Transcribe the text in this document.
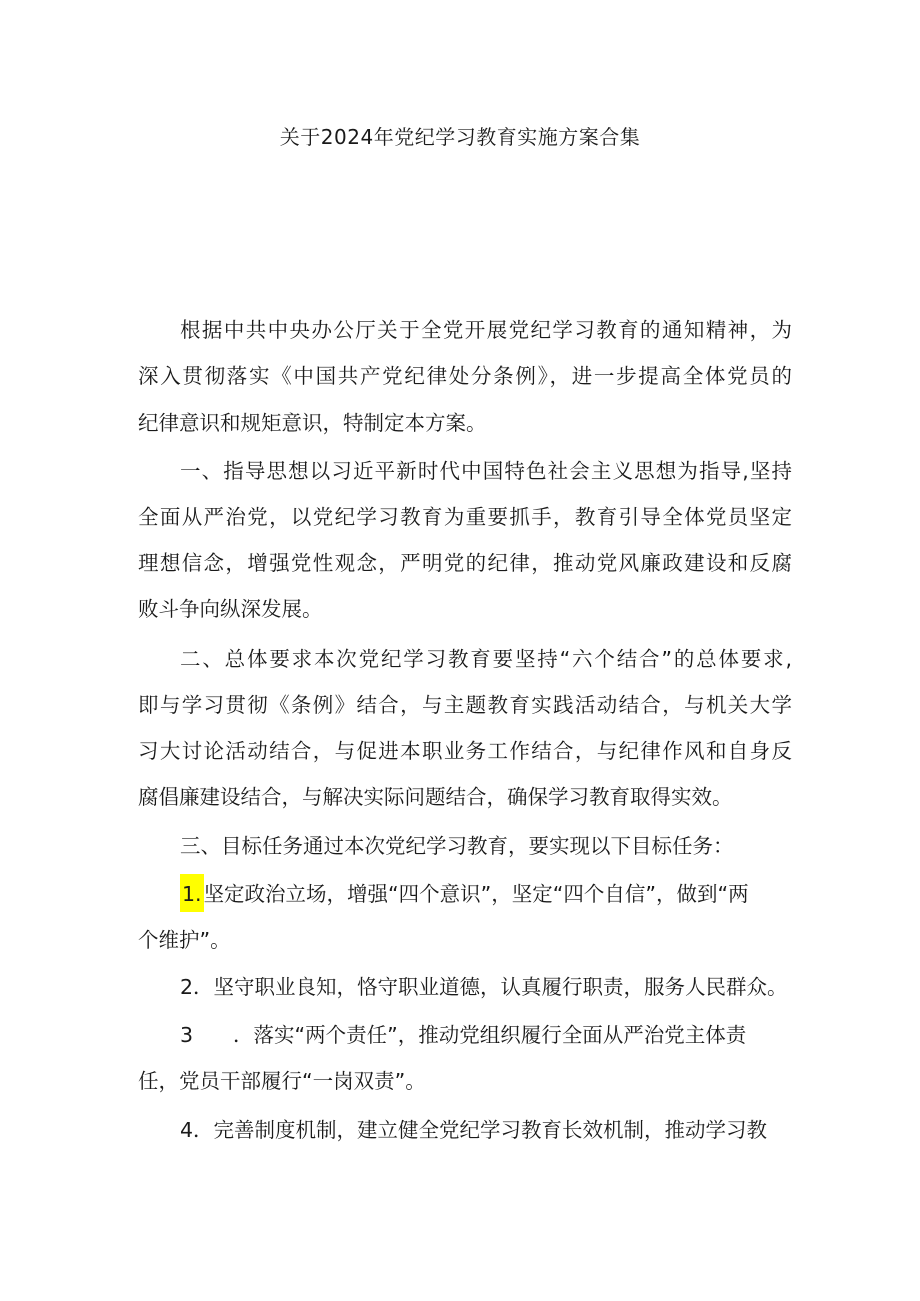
关于2024年党纪学习教育实施方案合集
根据中共中央办公厅关于全党开展党纪学习教育的通知精神，为
深入贯彻落实《中国共产党纪律处分条例》，进一步提高全体党员的
纪律意识和规矩意识，特制定本方案。
一、指导思想以习近平新时代中国特色社会主义思想为指导,坚持
全面从严治党，以党纪学习教育为重要抓手，教育引导全体党员坚定
理想信念，增强党性观念，严明党的纪律，推动党风廉政建设和反腐
败斗争向纵深发展。
二、总体要求本次党纪学习教育要坚持“六个结合”的总体要求,
即与学习贯彻《条例》结合，与主题教育实践活动结合，与机关大学
习大讨论活动结合，与促进本职业务工作结合，与纪律作风和自身反
腐倡廉建设结合，与解决实际问题结合，确保学习教育取得实效。
三、目标任务通过本次党纪学习教育，要实现以下目标任务：
1.坚定政治立场，增强“四个意识”，坚定“四个自信”，做到“两
个维护”。
2．坚守职业良知，恪守职业道德，认真履行职责，服务人民群众。
3 ．落实“两个责任”，推动党组织履行全面从严治党主体责
任，党员干部履行“一岗双责”。
4．完善制度机制，建立健全党纪学习教育长效机制，推动学习教
